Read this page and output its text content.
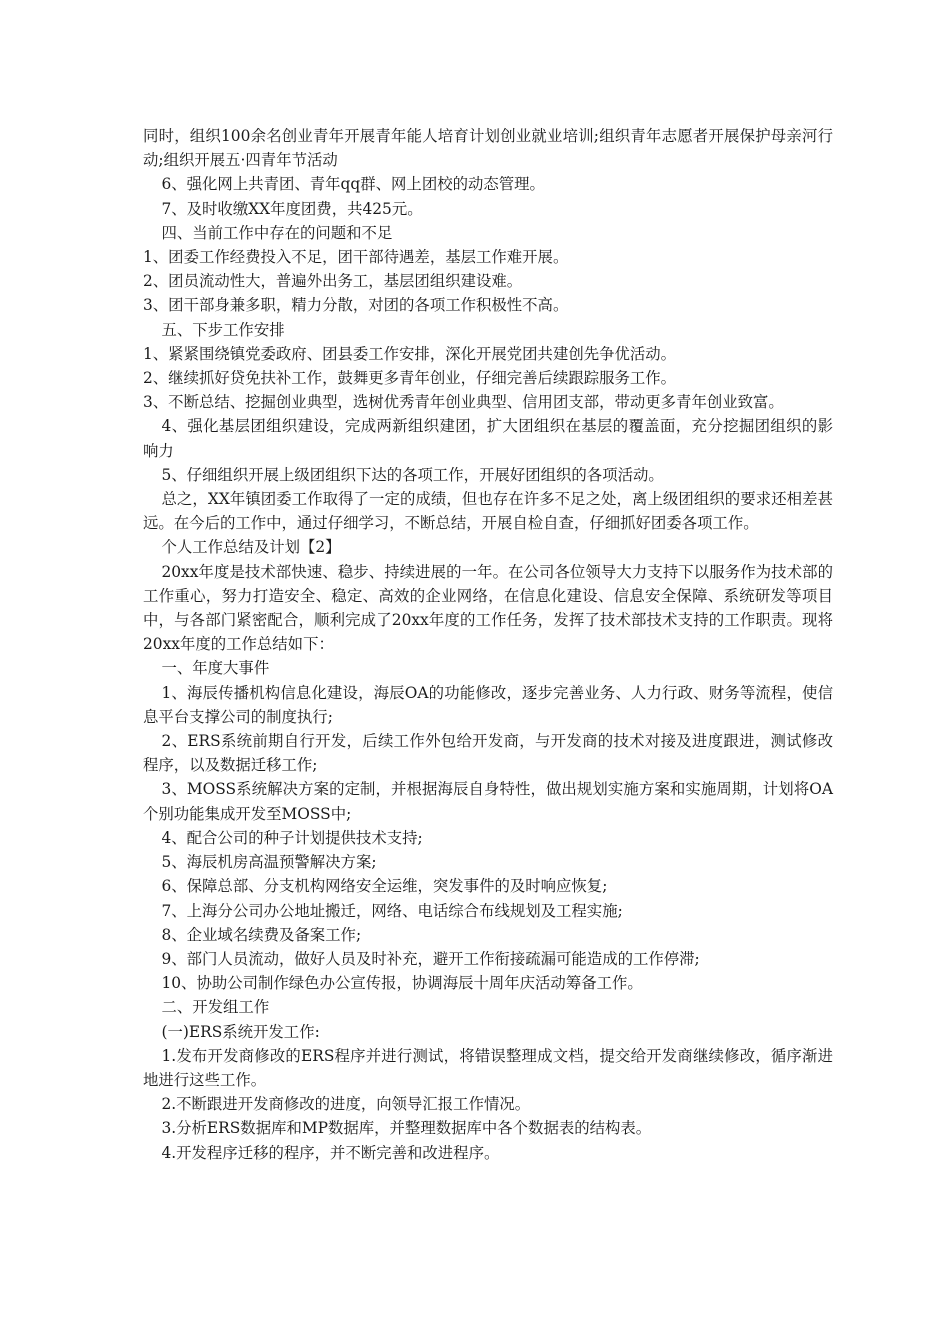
同时，组织100余名创业青年开展青年能人培育计划创业就业培训;组织青年志愿者开展保护母亲河行动;组织开展五·四青年节活动

6、强化网上共青团、青年qq群、网上团校的动态管理。

7、及时收缴XX年度团费，共425元。

四、当前工作中存在的问题和不足

1、团委工作经费投入不足，团干部待遇差，基层工作难开展。

2、团员流动性大，普遍外出务工，基层团组织建设难。

3、团干部身兼多职，精力分散，对团的各项工作积极性不高。

五、下步工作安排

1、紧紧围绕镇党委政府、团县委工作安排，深化开展党团共建创先争优活动。

2、继续抓好贷免扶补工作，鼓舞更多青年创业，仔细完善后续跟踪服务工作。

3、不断总结、挖掘创业典型，选树优秀青年创业典型、信用团支部，带动更多青年创业致富。

4、强化基层团组织建设，完成两新组织建团，扩大团组织在基层的覆盖面，充分挖掘团组织的影响力

5、仔细组织开展上级团组织下达的各项工作，开展好团组织的各项活动。

总之，XX年镇团委工作取得了一定的成绩，但也存在许多不足之处，离上级团组织的要求还相差甚远。在今后的工作中，通过仔细学习，不断总结，开展自检自查，仔细抓好团委各项工作。

个人工作总结及计划【2】

20xx年度是技术部快速、稳步、持续进展的一年。在公司各位领导大力支持下以服务作为技术部的工作重心，努力打造安全、稳定、高效的企业网络，在信息化建设、信息安全保障、系统研发等项目中，与各部门紧密配合，顺利完成了20xx年度的工作任务，发挥了技术部技术支持的工作职责。现将20xx年度的工作总结如下：

一、年度大事件

1、海辰传播机构信息化建设，海辰OA的功能修改，逐步完善业务、人力行政、财务等流程，使信息平台支撑公司的制度执行;

2、ERS系统前期自行开发，后续工作外包给开发商，与开发商的技术对接及进度跟进，测试修改程序，以及数据迁移工作;

3、MOSS系统解决方案的定制，并根据海辰自身特性，做出规划实施方案和实施周期，计划将OA个别功能集成开发至MOSS中;

4、配合公司的种子计划提供技术支持;

5、海辰机房高温预警解决方案;

6、保障总部、分支机构网络安全运维，突发事件的及时响应恢复;

7、上海分公司办公地址搬迁，网络、电话综合布线规划及工程实施;

8、企业域名续费及备案工作;

9、部门人员流动，做好人员及时补充，避开工作衔接疏漏可能造成的工作停滞;

10、协助公司制作绿色办公宣传报，协调海辰十周年庆活动筹备工作。

二、开发组工作

(一)ERS系统开发工作:

1.发布开发商修改的ERS程序并进行测试，将错误整理成文档，提交给开发商继续修改，循序渐进地进行这些工作。

2.不断跟进开发商修改的进度，向领导汇报工作情况。

3.分析ERS数据库和MP数据库，并整理数据库中各个数据表的结构表。

4.开发程序迁移的程序，并不断完善和改进程序。
